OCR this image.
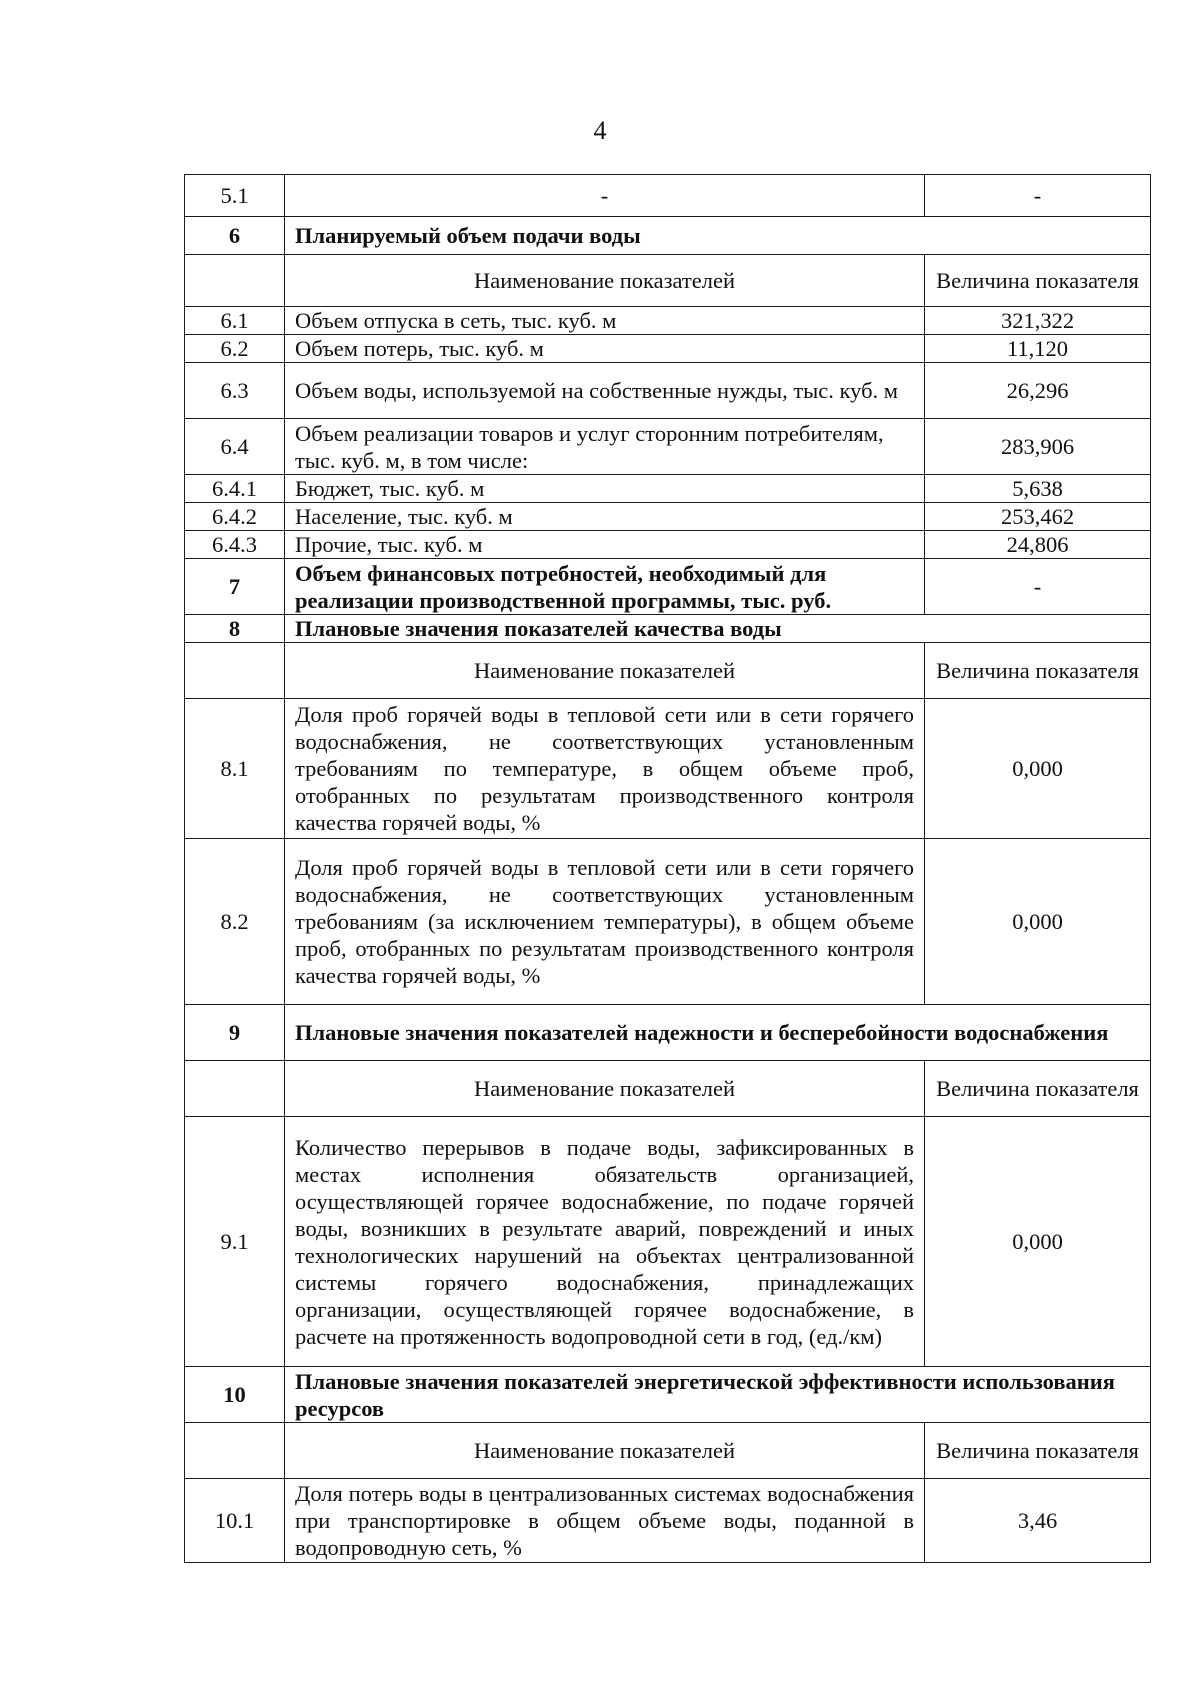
4
5.1	-	-
6	Планируемый объем подачи воды	
	Наименование показателей	Величина показателя
6.1	Объем отпуска в сеть, тыс. куб. м	321,322
6.2	Объем потерь, тыс. куб. м	11,120
6.3	Объем воды, используемой на собственные нужды, тыс. куб. м	26,296
6.4	Объем реализации товаров и услуг сторонним потребителям, тыс. куб. м, в том числе:	283,906
6.4.1	Бюджет, тыс. куб. м	5,638
6.4.2	Население, тыс. куб. м	253,462
6.4.3	Прочие, тыс. куб. м	24,806
7	Объем финансовых потребностей, необходимый для реализации производственной программы, тыс. руб.	-
8	Плановые значения показателей качества воды	
	Наименование показателей	Величина показателя
8.1	Доля проб горячей воды в тепловой сети или в сети горячего водоснабжения, не соответствующих установленным требованиям по температуре, в общем объеме проб, отобранных по результатам производственного контроля качества горячей воды, %	0,000
8.2	Доля проб горячей воды в тепловой сети или в сети горячего водоснабжения, не соответствующих установленным требованиям (за исключением температуры), в общем объеме проб, отобранных по результатам производственного контроля качества горячей воды, %	0,000
9	Плановые значения показателей надежности и бесперебойности водоснабжения	
	Наименование показателей	Величина показателя
9.1	Количество перерывов в подаче воды, зафиксированных в местах исполнения обязательств организацией, осуществляющей горячее водоснабжение, по подаче горячей воды, возникших в результате аварий, повреждений и иных технологических нарушений на объектах централизованной системы горячего водоснабжения, принадлежащих организации, осуществляющей горячее водоснабжение, в расчете на протяженность водопроводной сети в год, (ед./км)	0,000
10	Плановые значения показателей энергетической эффективности использования ресурсов	
	Наименование показателей	Величина показателя
10.1	Доля потерь воды в централизованных системах водоснабжения при транспортировке в общем объеме воды, поданной в водопроводную сеть, %	3,46
